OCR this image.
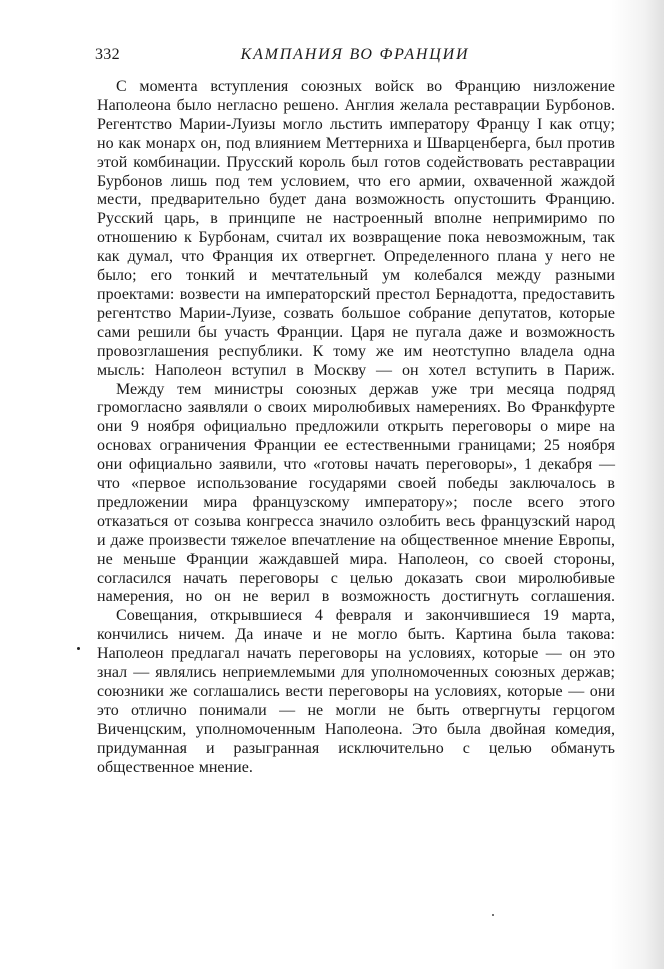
332	КАМПАНИЯ ВО ФРАНЦИИ

С момента вступления союзных войск во Францию низложение Наполеона было негласно решено. Англия желала реставрации Бурбонов. Регентство Марии-Луизы могло льстить императору Францу I как отцу; но как монарх он, под влиянием Меттерниха и Шварценберга, был против этой комбинации. Прусский король был готов содействовать реставрации Бурбонов лишь под тем условием, что его армии, охваченной жаждой мести, предварительно будет дана возможность опустошить Францию. Русский царь, в принципе не настроенный вполне непримиримо по отношению к Бурбонам, считал их возвращение пока невозможным, так как думал, что Франция их отвергнет. Определенного плана у него не было; его тонкий и мечтательный ум колебался между разными проектами: возвести на императорский престол Бернадотта, предоставить регентство Марии-Луизе, созвать большое собрание депутатов, которые сами решили бы участь Франции. Царя не пугала даже и возможность провозглашения республики. К тому же им неотступно владела одна мысль: Наполеон вступил в Москву — он хотел вступить в Париж.

Между тем министры союзных держав уже три месяца подряд громогласно заявляли о своих миролюбивых намерениях. Во Франкфурте они 9 ноября официально предложили открыть переговоры о мире на основах ограничения Франции ее естественными границами; 25 ноября они официально заявили, что «готовы начать переговоры», 1 декабря — что «первое использование государями своей победы заключалось в предложении мира французскому императору»; после всего этого отказаться от созыва конгресса значило озлобить весь французский народ и даже произвести тяжелое впечатление на общественное мнение Европы, не меньше Франции жаждавшей мира. Наполеон, со своей стороны, согласился начать переговоры с целью доказать свои миролюбивые намерения, но он не верил в возможность достигнуть соглашения.

Совещания, открывшиеся 4 февраля и закончившиеся 19 марта, кончились ничем. Да иначе и не могло быть. Картина была такова: Наполеон предлагал начать переговоры на условиях, которые — он это знал — являлись неприемлемыми для уполномоченных союзных держав; союзники же соглашались вести переговоры на условиях, которые — они это отлично понимали — не могли не быть отвергнуты герцогом Виченцским, уполномоченным Наполеона. Это была двойная комедия, придуманная и разыгранная исключительно с целью обмануть общественное мнение.
